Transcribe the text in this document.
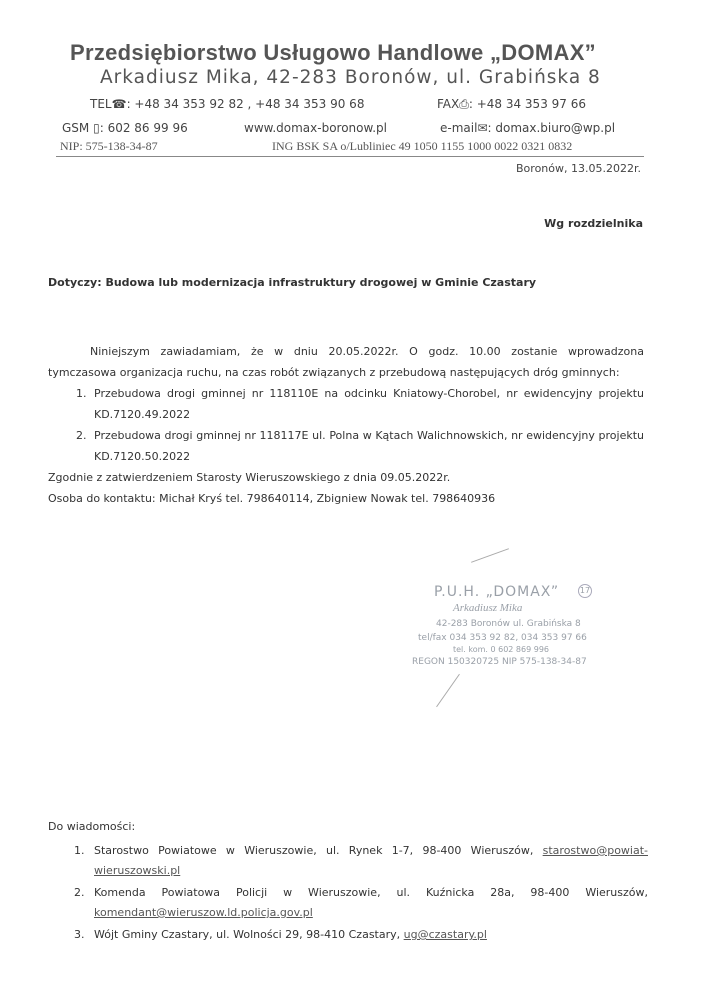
Przedsiębiorstwo Usługowo Handlowe „DOMAX”
Arkadiusz Mika, 42-283 Boronów, ul. Grabińska 8
TEL☎: +48 34 353 92 82 , +48 34 353 90 68	FAX⎙: +48 34 353 97 66
GSM ▯: 602 86 99 96	www.domax-boronow.pl	e-mail✉: domax.biuro@wp.pl
NIP: 575-138-34-87	ING BSK SA o/Lubliniec 49 1050 1155 1000 0022 0321 0832
Boronów, 13.05.2022r.
Wg rozdzielnika
Dotyczy: Budowa lub modernizacja infrastruktury drogowej w Gminie Czastary

Niniejszym zawiadamiam, że w dniu 20.05.2022r. O godz. 10.00 zostanie wprowadzona tymczasowa organizacja ruchu, na czas robót związanych z przebudową następujących dróg gminnych:

1. Przebudowa drogi gminnej nr 118110E na odcinku Kniatowy-Chorobel, nr ewidencyjny projektu KD.7120.49.2022
2. Przebudowa drogi gminnej nr 118117E ul. Polna w Kątach Walichnowskich, nr ewidencyjny projektu KD.7120.50.2022

Zgodnie z zatwierdzeniem Starosty Wieruszowskiego z dnia 09.05.2022r.

Osoba do kontaktu: Michał Kryś tel. 798640114, Zbigniew Nowak tel. 798640936

P.U.H. „DOMAX”	17
Arkadiusz Mika
42-283 Boronów ul. Grabińska 8
tel/fax 034 353 92 82, 034 353 97 66
tel. kom. 0 602 869 996
REGON 150320725 NIP 575-138-34-87
Do wiadomości:
1. Starostwo Powiatowe w Wieruszowie, ul. Rynek 1-7, 98-400 Wieruszów, starostwo@powiat-wieruszowski.pl
2. Komenda Powiatowa Policji w Wieruszowie, ul. Kuźnicka 28a, 98-400 Wieruszów, komendant@wieruszow.ld.policja.gov.pl
3. Wójt Gminy Czastary, ul. Wolności 29, 98-410 Czastary, ug@czastary.pl
